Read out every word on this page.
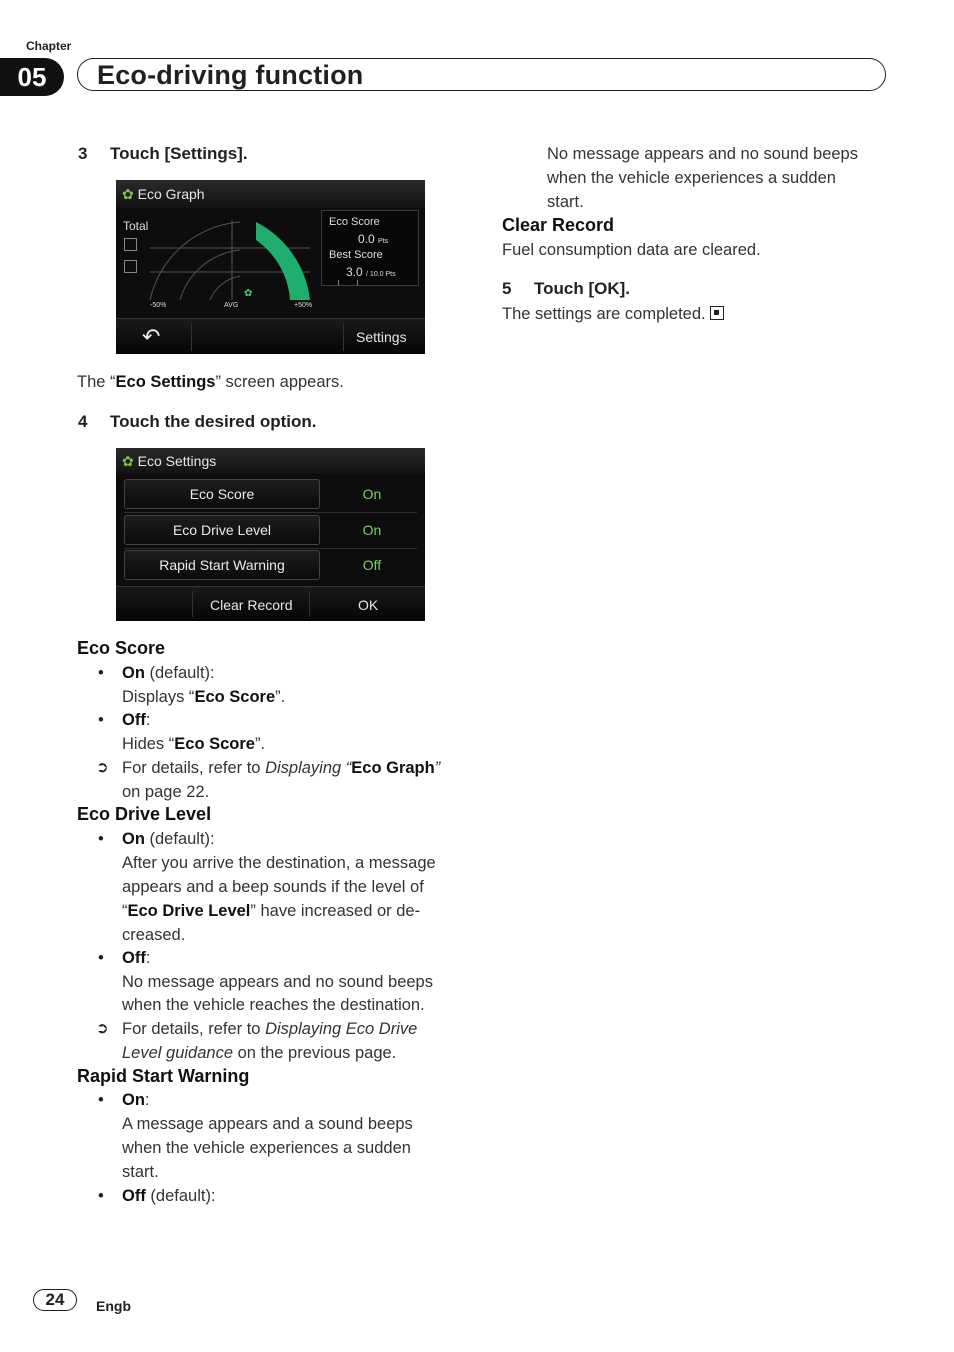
Chapter
05	Eco-driving function
3 Touch [Settings].
✿ Eco Graph
Total
✿
Eco Score
0.0 Pts
Best Score
3.0 / 10.0 Pts
-50%	AVG	+50%
↶	Settings
The “Eco Settings” screen appears.
4 Touch the desired option.
✿ Eco Settings
Eco Score	On
Eco Drive Level	On
Rapid Start Warning	Off
Clear Record	OK
Eco Score
• On (default):
Displays “Eco Score”.
• Off:
Hides “Eco Score”.
➲ For details, refer to Displaying “Eco Graph”
on page 22.
Eco Drive Level
• On (default):
After you arrive the destination, a message
appears and a beep sounds if the level of
“Eco Drive Level” have increased or de-
creased.
• Off:
No message appears and no sound beeps
when the vehicle reaches the destination.
➲ For details, refer to Displaying Eco Drive
Level guidance on the previous page.
Rapid Start Warning
• On:
A message appears and a sound beeps
when the vehicle experiences a sudden
start.
• Off (default):
No message appears and no sound beeps
when the vehicle experiences a sudden
start.
Clear Record
Fuel consumption data are cleared.
5 Touch [OK].
The settings are completed.
24	Engb
